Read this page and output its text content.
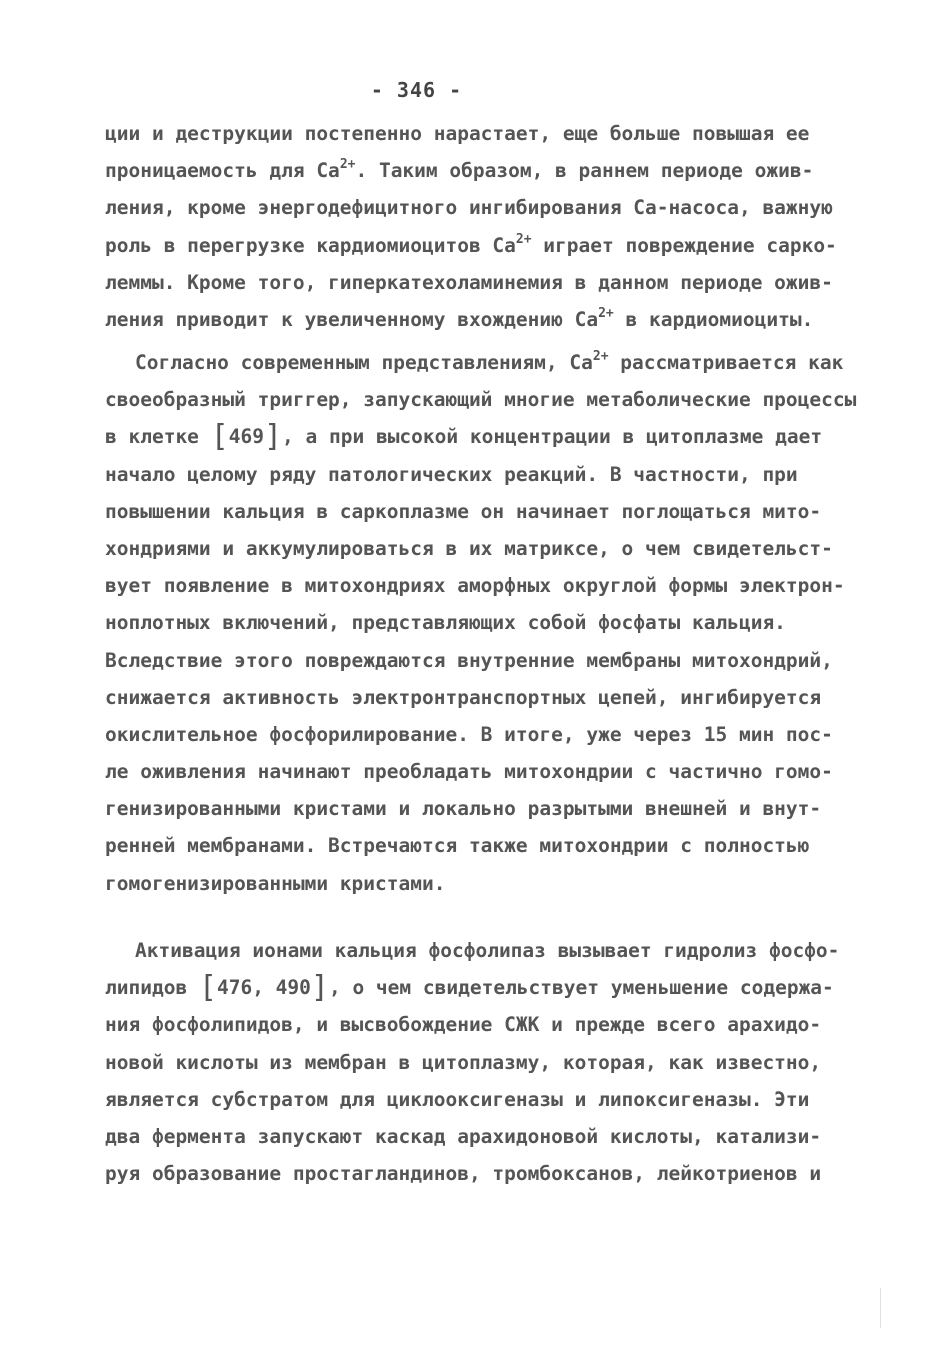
- 346 -
ции и деструкции постепенно нарастает, еще больше повышая ее
проницаемость для $Ca^{2+}$. Таким образом, в раннем периоде ожив-
ления, кроме энергодефицитного ингибирования Ca-насоса, важную
роль в перегрузке кардиомиоцитов $Ca^{2+}$ играет повреждение сарко-
леммы. Кроме того, гиперкатехоламинемия в данном периоде ожив-
ления приводит к увеличенному вхождению $Ca^{2+}$ в кардиомиоциты.
Согласно современным представлениям, $Ca^{2+}$ рассматривается как
своеобразный триггер, запускающий многие метаболические процессы
в клетке [469], а при высокой концентрации в цитоплазме дает
начало целому ряду патологических реакций. В частности, при
повышении кальция в саркоплазме он начинает поглощаться мито-
хондриями и аккумулироваться в их матриксе, о чем свидетельст-
вует появление в митохондриях аморфных округлой формы электрон-
ноплотных включений, представляющих собой фосфаты кальция.
Вследствие этого повреждаются внутренние мембраны митохондрий,
снижается активность электронтранспортных цепей, ингибируется
окислительное фосфорилирование. В итоге, уже через 15 мин пос-
ле оживления начинают преобладать митохондрии с частично гомо-
генизированными кристами и локально разрытыми внешней и внут-
ренней мембранами. Встречаются также митохондрии с полностью
гомогенизированными кристами.
Активация ионами кальция фосфолипаз вызывает гидролиз фосфо-
липидов [476, 490], о чем свидетельствует уменьшение содержа-
ния фосфолипидов, и высвобождение СЖК и прежде всего арахидо-
новой кислоты из мембран в цитоплазму, которая, как известно,
является субстратом для циклооксигеназы и липоксигеназы. Эти
два фермента запускают каскад арахидоновой кислоты, катализи-
руя образование простагландинов, тромбоксанов, лейкотриенов и
